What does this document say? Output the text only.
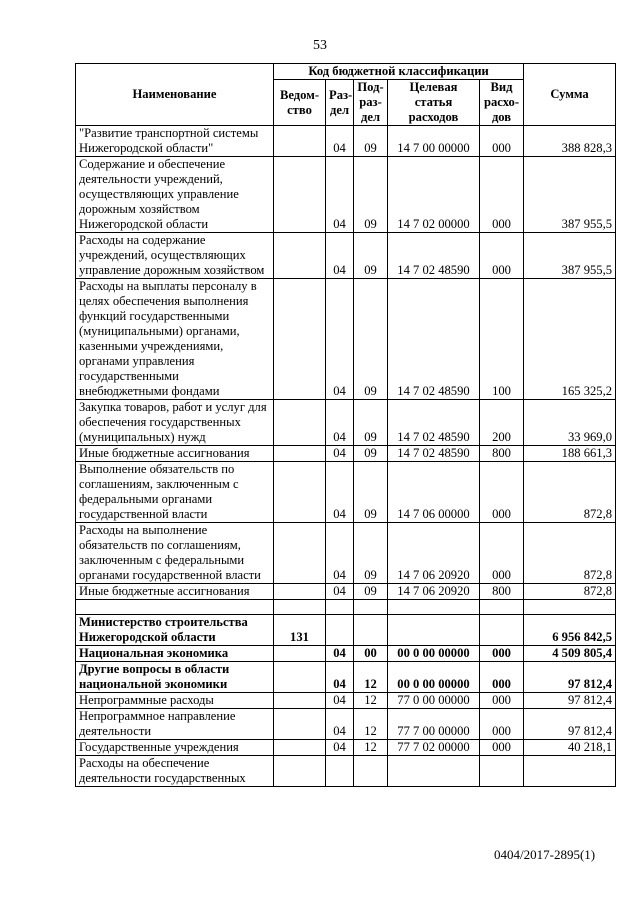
53
Наименование	Код бюджетной классификации					Сумма
	Ведом-ство	Раз-дел	Под-раз-дел	Целевая статья расходов	Вид расхо-дов	
"Развитие транспортной системы Нижегородской области"		04	09	14 7 00 00000	000	388 828,3
Содержание и обеспечение деятельности учреждений, осуществляющих управление дорожным хозяйством Нижегородской области		04	09	14 7 02 00000	000	387 955,5
Расходы на содержание учреждений, осуществляющих управление дорожным хозяйством		04	09	14 7 02 48590	000	387 955,5
Расходы на выплаты персоналу в целях обеспечения выполнения функций государственными (муниципальными) органами, казенными учреждениями, органами управления государственными внебюджетными фондами		04	09	14 7 02 48590	100	165 325,2
Закупка товаров, работ и услуг для обеспечения государственных (муниципальных) нужд		04	09	14 7 02 48590	200	33 969,0
Иные бюджетные ассигнования		04	09	14 7 02 48590	800	188 661,3
Выполнение обязательств по соглашениям, заключенным с федеральными органами государственной власти		04	09	14 7 06 00000	000	872,8
Расходы на выполнение обязательств по соглашениям, заключенным с федеральными органами государственной власти		04	09	14 7 06 20920	000	872,8
Иные бюджетные ассигнования		04	09	14 7 06 20920	800	872,8

Министерство строительства Нижегородской области	131					6 956 842,5
Национальная экономика		04	00	00 0 00 00000	000	4 509 805,4
Другие вопросы в области национальной экономики		04	12	00 0 00 00000	000	97 812,4
Непрограммные расходы		04	12	77 0 00 00000	000	97 812,4
Непрограммное направление деятельности		04	12	77 7 00 00000	000	97 812,4
Государственные учреждения		04	12	77 7 02 00000	000	40 218,1
Расходы на обеспечение деятельности государственных						
0404/2017-2895(1)
